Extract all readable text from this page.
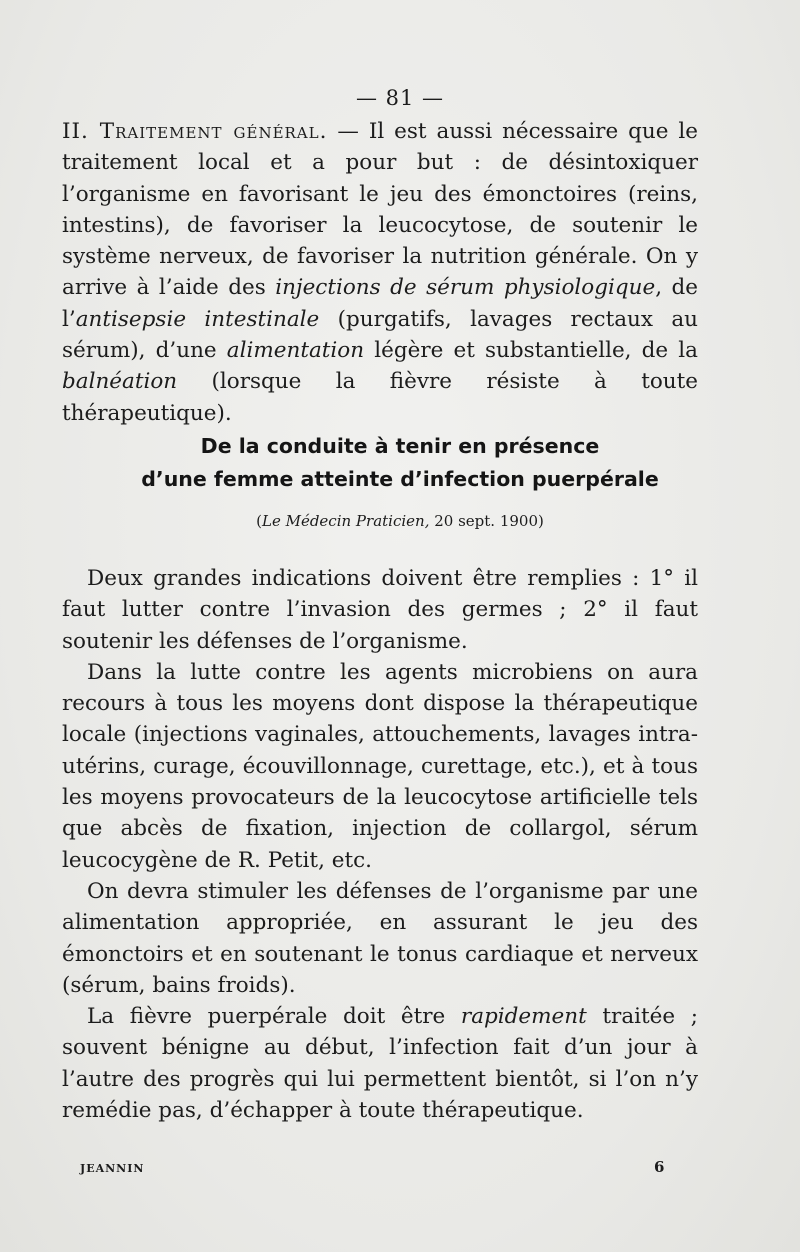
— 81 —

II. Traitement général. — Il est aussi nécessaire que le traitement local et a pour but : de désintoxiquer l’organisme en favorisant le jeu des émonctoires (reins, intestins), de favoriser la leucocytose, de soutenir le système nerveux, de favoriser la nutrition générale. On y arrive à l’aide des injections de sérum physiologique, de l’antisepsie intestinale (purgatifs, lavages rectaux au sérum), d’une alimentation légère et substantielle, de la balnéation (lorsque la fièvre résiste à toute thérapeutique).

De la conduite à tenir en présence
d’une femme atteinte d’infection puerpérale
(Le Médecin Praticien, 20 sept. 1900)

Deux grandes indications doivent être remplies : 1° il faut lutter contre l’invasion des germes ; 2° il faut soutenir les défenses de l’organisme.

Dans la lutte contre les agents microbiens on aura recours à tous les moyens dont dispose la thérapeutique locale (injections vaginales, attouchements, lavages intra-utérins, curage, écouvillonnage, curettage, etc.), et à tous les moyens provocateurs de la leucocytose artificielle tels que abcès de fixation, injection de collargol, sérum leucocygène de R. Petit, etc.

On devra stimuler les défenses de l’organisme par une alimentation appropriée, en assurant le jeu des émonctoirs et en soutenant le tonus cardiaque et nerveux (sérum, bains froids).

La fièvre puerpérale doit être rapidement traitée ; souvent bénigne au début, l’infection fait d’un jour à l’autre des progrès qui lui permettent bientôt, si l’on n’y remédie pas, d’échapper à toute thérapeutique.

JEANNIN	6
